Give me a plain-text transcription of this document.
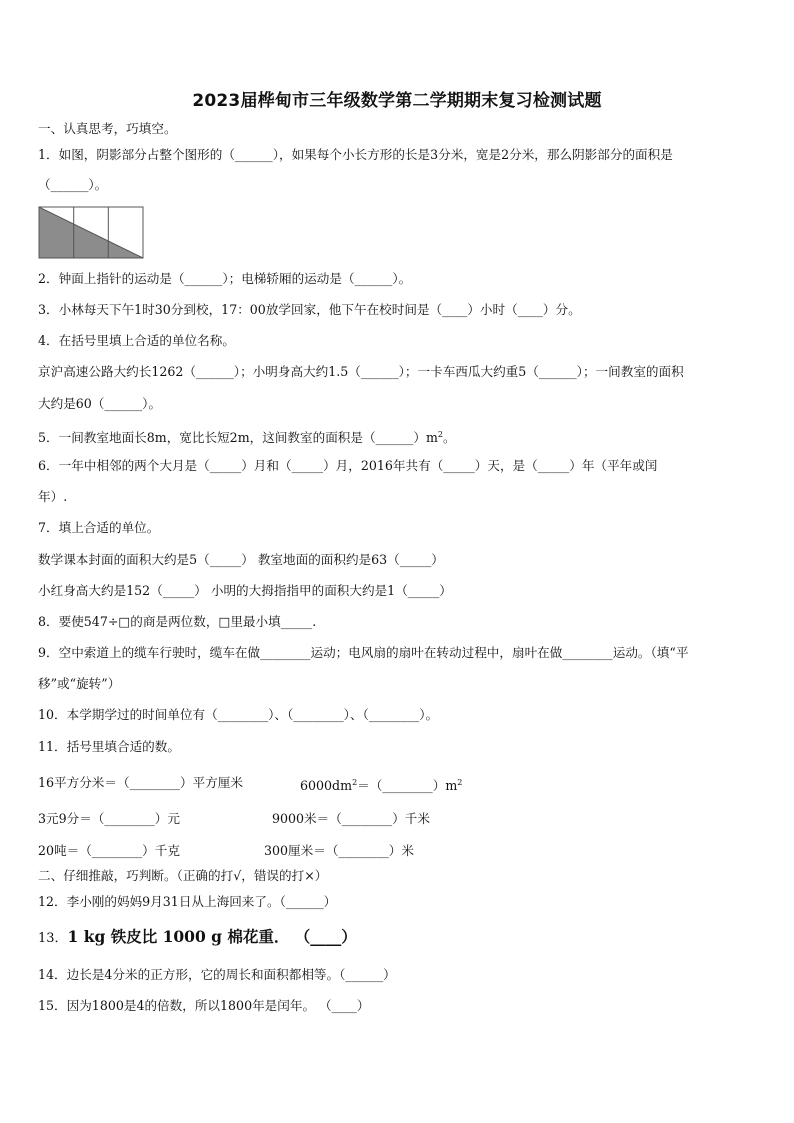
2023届桦甸市三年级数学第二学期期末复习检测试题
一、认真思考，巧填空。
1．如图，阴影部分占整个图形的（______），如果每个小长方形的长是3分米，宽是2分米，那么阴影部分的面积是
（______）。
2．钟面上指针的运动是（______）；电梯轿厢的运动是（______）。
3．小林每天下午1时30分到校，17：00放学回家，他下午在校时间是（____）小时（____）分。
4．在括号里填上合适的单位名称。
京沪高速公路大约长1262（______）；小明身高大约1.5（______）；一卡车西瓜大约重5（______）；一间教室的面积
大约是60（______）。
5．一间教室地面长8m，宽比长短2m，这间教室的面积是$(\_\_\_\_\_\_)m^2$。
6．一年中相邻的两个大月是（_____）月和（_____）月，2016年共有（_____）天，是（_____）年（平年或闰
年）.
7．填上合适的单位。
数学课本封面的面积大约是5（_____） 教室地面的面积约是63（_____）
小红身高大约是152（_____） 小明的大拇指指甲的面积大约是1（_____）
8．要使547÷□的商是两位数，□里最小填_____.
9．空中索道上的缆车行驶时，缆车在做________运动；电风扇的扇叶在转动过程中，扇叶在做________运动。（填“平
移”或“旋转”）
10．本学期学过的时间单位有（________）、（________）、（________）。
11．括号里填合适的数。
16平方分米＝（________）平方厘米	$6000dm^2=(\_\_\_\_\_\_\_\_)m^2$
3元9分＝（________）元	9000米＝（________）千米
20吨＝（________）千克	300厘米＝（________）米
二、仔细推敲，巧判断。（正确的打√，错误的打×）
12．李小刚的妈妈9月31日从上海回来了。（______）
13．1 kg 铁皮比 1000 g 棉花重． （____）
14．边长是4分米的正方形，它的周长和面积都相等。（______）
15．因为1800是4的倍数，所以1800年是闰年。 （____）
